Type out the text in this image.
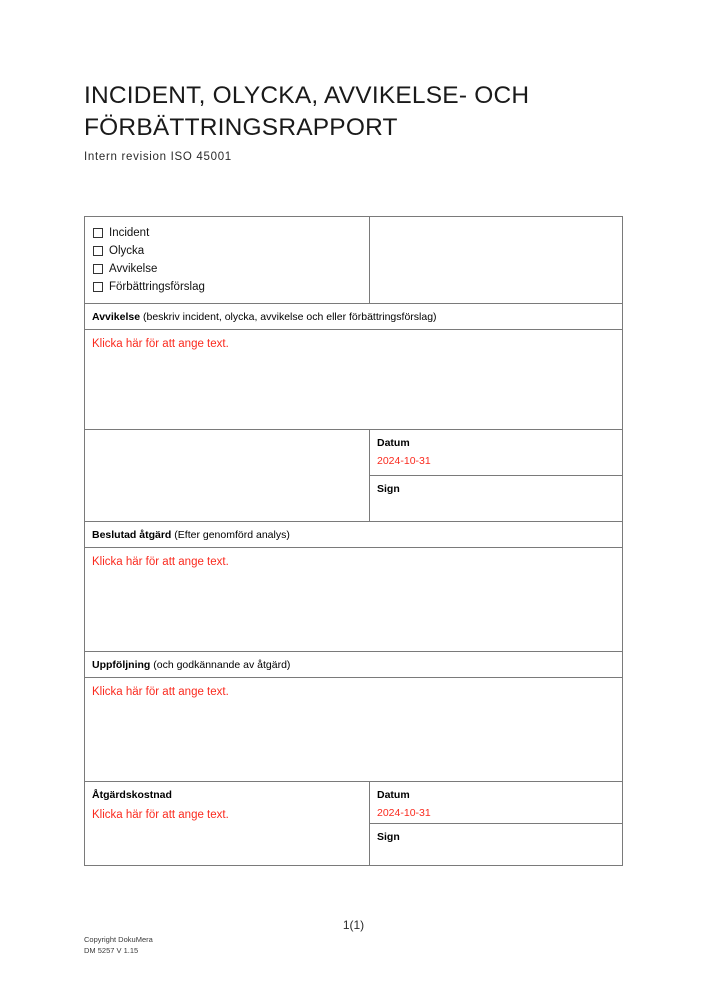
INCIDENT, OLYCKA, AVVIKELSE- OCH FÖRBÄTTRINGSRAPPORT
Intern revision ISO 45001
Incident
Olycka
Avvikelse
Förbättringsförslag	

Avvikelse (beskriv incident, olycka, avvikelse och eller förbättringsförslag)	

Klicka här för att ange text.	

	Datum
2024-10-31

	Sign

Beslutad åtgärd (Efter genomförd analys)	

Klicka här för att ange text.	

Uppföljning (och godkännande av åtgärd)	

Klicka här för att ange text.	

Åtgärdskostnad
Klicka här för att ange text.

Datum
2024-10-31

	Sign
1(1)
Copyright DokuMera
DM 5257 V 1.15
